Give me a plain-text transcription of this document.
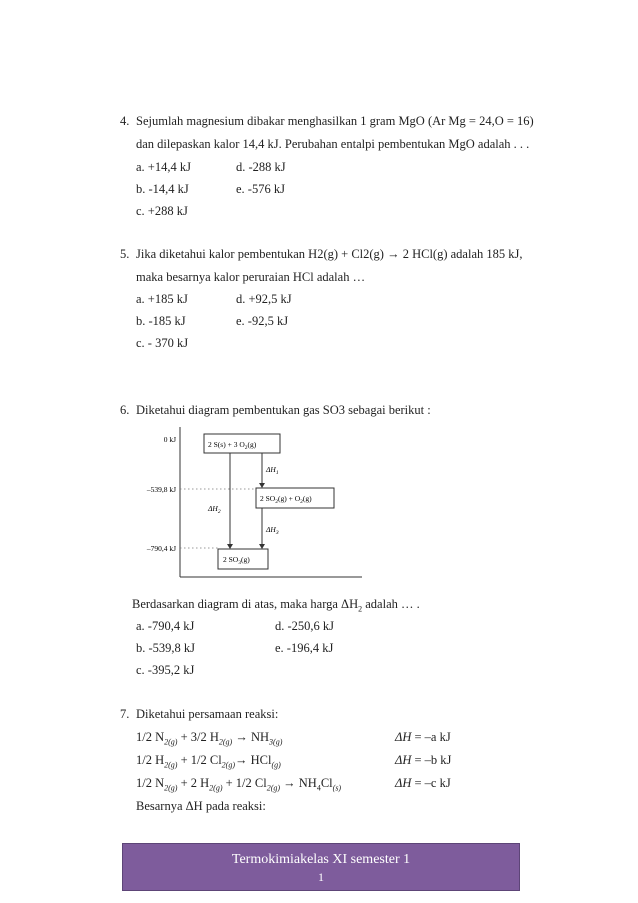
4. Sejumlah magnesium dibakar menghasilkan 1 gram MgO (Ar Mg = 24,O = 16)
dan dilepaskan kalor 14,4 kJ. Perubahan entalpi pembentukan MgO adalah . . .
a. +14,4 kJ	d. -288 kJ
b. -14,4 kJ	e. -576 kJ
c. +288 kJ
5. Jika diketahui kalor pembentukan H2(g) + Cl2(g) → 2 HCl(g) adalah 185 kJ,
maka besarnya kalor peruraian HCl adalah …
a. +185 kJ	d. +92,5 kJ
b. -185 kJ	e. -92,5 kJ
c. - 370 kJ
6. Diketahui diagram pembentukan gas SO3 sebagai berikut :
0 kJ
–539,8 kJ
–790,4 kJ
2 S(s) + 3 $O_2(g)$
2 $SO_2(g) + O_2(g)$
2 $SO_3(g)$
$\Delta H_1$
$\Delta H_2$
$\Delta H_3$
Berdasarkan diagram di atas, maka harga $\Delta H_2$ adalah … .
a. -790,4 kJ	d. -250,6 kJ
b. -539,8 kJ	e. -196,4 kJ
c. -395,2 kJ
7. Diketahui persamaan reaksi:
1/2 $N_{2(g)} + 3/2$ $H_{2(g)} \to NH_{3(g)}$	ΔH = –a kJ
1/2 $H_{2(g)} + 1/2$ $Cl_{2(g)}\to HCl_{(g)}$	ΔH = –b kJ
1/2 $N_{2(g)} + 2$ $H_{2(g)} + 1/2$ $Cl_{2(g)} \to NH_4Cl_{(s)}$	ΔH = –c kJ
Besarnya ΔH pada reaksi:
Termokimiakelas XI semester 1
1
